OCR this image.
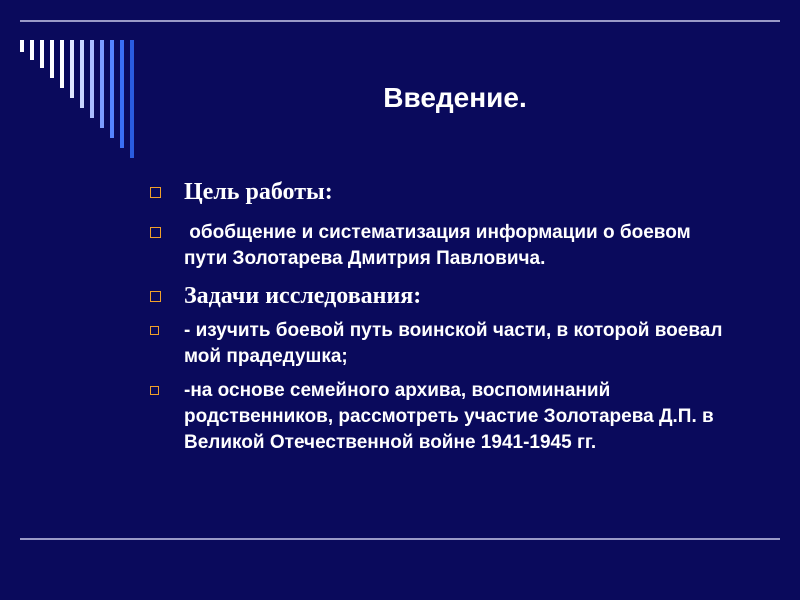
Введение.
Цель работы:
обобщение и систематизация информации о боевом пути Золотарева Дмитрия Павловича.
Задачи исследования:
- изучить боевой путь воинской части, в которой воевал мой прадедушка;
-на основе семейного архива, воспоминаний родственников, рассмотреть участие Золотарева Д.П. в Великой Отечественной войне 1941-1945 гг.
